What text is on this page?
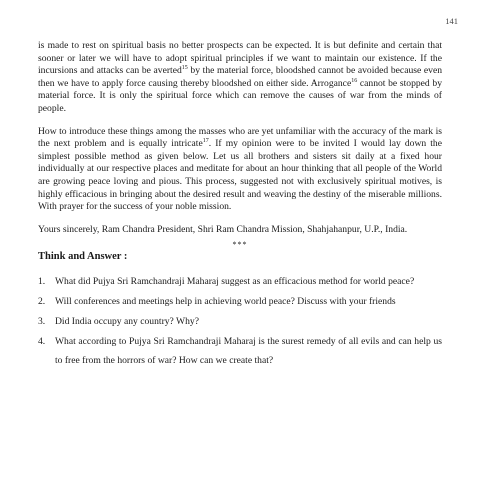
141

is made to rest on spiritual basis no better prospects can be expected. It is but definite and certain that sooner or later we will have to adopt spiritual principles if we want to maintain our existence. If the incursions and attacks can be averted$^{15}$ by the material force, bloodshed cannot be avoided because even then we have to apply force causing thereby bloodshed on either side. Arrogance$^{16}$ cannot be stopped by material force. It is only the spiritual force which can remove the causes of war from the minds of people.

How to introduce these things among the masses who are yet unfamiliar with the accuracy of the mark is the next problem and is equally intricate$^{17}$. If my opinion were to be invited I would lay down the simplest possible method as given below. Let us all brothers and sisters sit daily at a fixed hour individually at our respective places and meditate for about an hour thinking that all people of the World are growing peace loving and pious. This process, suggested not with exclusively spiritual motives, is highly efficacious in bringing about the desired result and weaving the destiny of the miserable millions. With prayer for the success of your noble mission.

Yours sincerely, Ram Chandra President, Shri Ram Chandra Mission, Shahjahanpur, U.P., India.

***
Think and Answer :
1. What did Pujya Sri Ramchandraji Maharaj suggest as an efficacious method for world peace?
2. Will conferences and meetings help in achieving world peace? Discuss with your friends
3. Did India occupy any country? Why?
4. What according to Pujya Sri Ramchandraji Maharaj is the surest remedy of all evils and can help us to free from the horrors of war? How can we create that?
